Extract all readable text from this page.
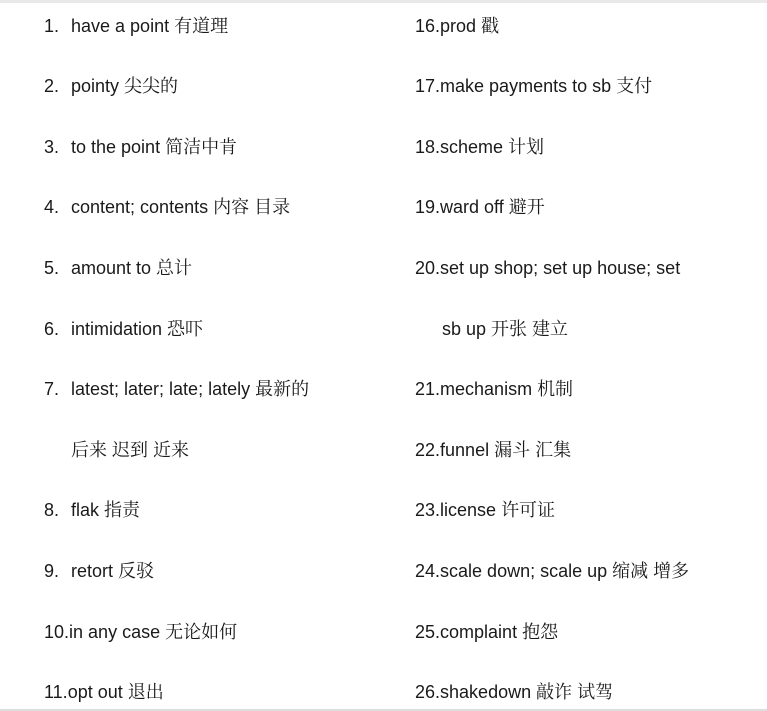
1. have a point 有道理
2. pointy 尖尖的
3. to the point 简洁中肯
4. content; contents 内容 目录
5. amount to 总计
6. intimidation 恐吓
7. latest; later; late; lately 最新的
后来 迟到 近来
8. flak 指责
9. retort 反驳
10.in any case 无论如何
11.opt out 退出
16.prod 戳
17.make payments to sb 支付
18.scheme 计划
19.ward off 避开
20.set up shop; set up house; set
sb up 开张 建立
21.mechanism 机制
22.funnel 漏斗 汇集
23.license 许可证
24.scale down; scale up 缩减 增多
25.complaint 抱怨
26.shakedown 敲诈 试驾
